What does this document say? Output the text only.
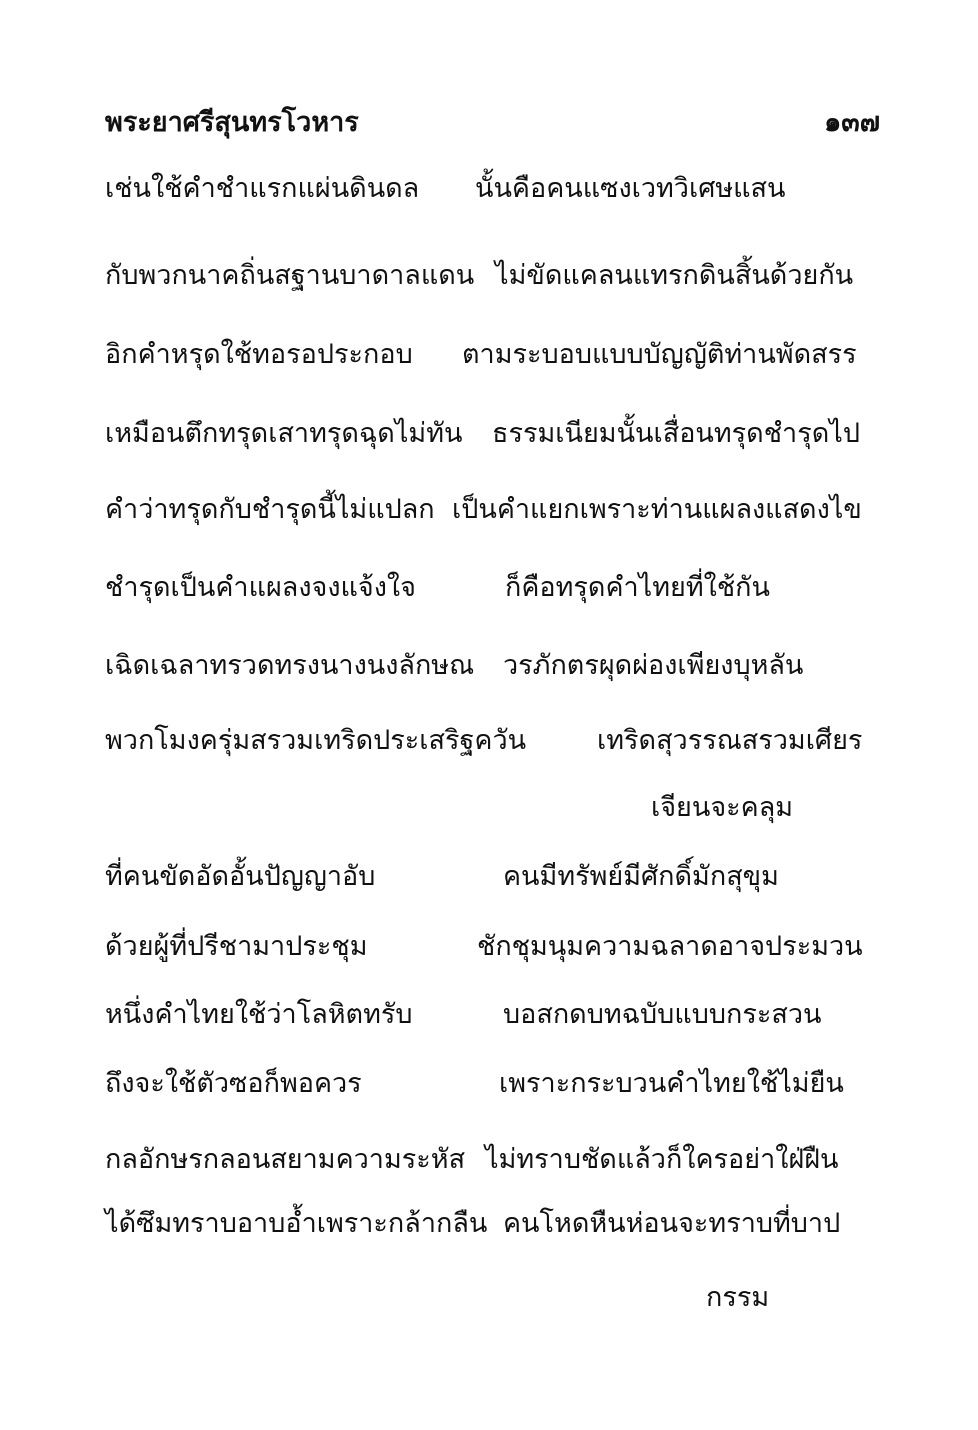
พระยาศรีสุนทรโวหาร	๑๓๗
เช่นใช้คำชำแรกแผ่นดินดล นั้นคือคนแซงเวทวิเศษแสน
กับพวกนาคถิ่นสฐานบาดาลแดน ไม่ขัดแคลนแทรกดินสิ้นด้วยกัน
อิกคำหรุดใช้ทอรอประกอบ ตามระบอบแบบบัญญัติท่านพัดสรร
เหมือนตึกทรุดเสาทรุดฉุดไม่ทัน ธรรมเนียมนั้นเสื่อนทรุดชำรุดไป
คำว่าทรุดกับชำรุดนี้ไม่แปลก เป็นคำแยกเพราะท่านแผลงแสดงไข
ชำรุดเป็นคำแผลงจงแจ้งใจ	ก็คือทรุดคำไทยที่ใช้กัน
เฉิดเฉลาทรวดทรงนางนงลักษณ วรภักตรผุดผ่องเพียงบุหลัน
พวกโมงครุ่มสรวมเทริดประเสริฐควัน	เทริดสุวรรณสรวมเศียร
เจียนจะคลุม
ที่คนขัดอัดอั้นปัญญาอับ	คนมีทรัพย์มีศักดิ์มักสุขุม
ด้วยผู้ที่ปรีชามาประชุม	ชักชุมนุมความฉลาดอาจประมวน
หนึ่งคำไทยใช้ว่าโลหิตทรับ	บอสกดบทฉบับแบบกระสวน
ถึงจะใช้ตัวซอก็พอควร	เพราะกระบวนคำไทยใช้ไม่ยืน
กลอักษรกลอนสยามความระหัส ไม่ทราบชัดแล้วก็ใครอย่าใฝ่ฝืน
ได้ซึมทราบอาบอ้ำเพราะกล้ากลืน คนโหดหืนห่อนจะทราบที่บาป
กรรม
